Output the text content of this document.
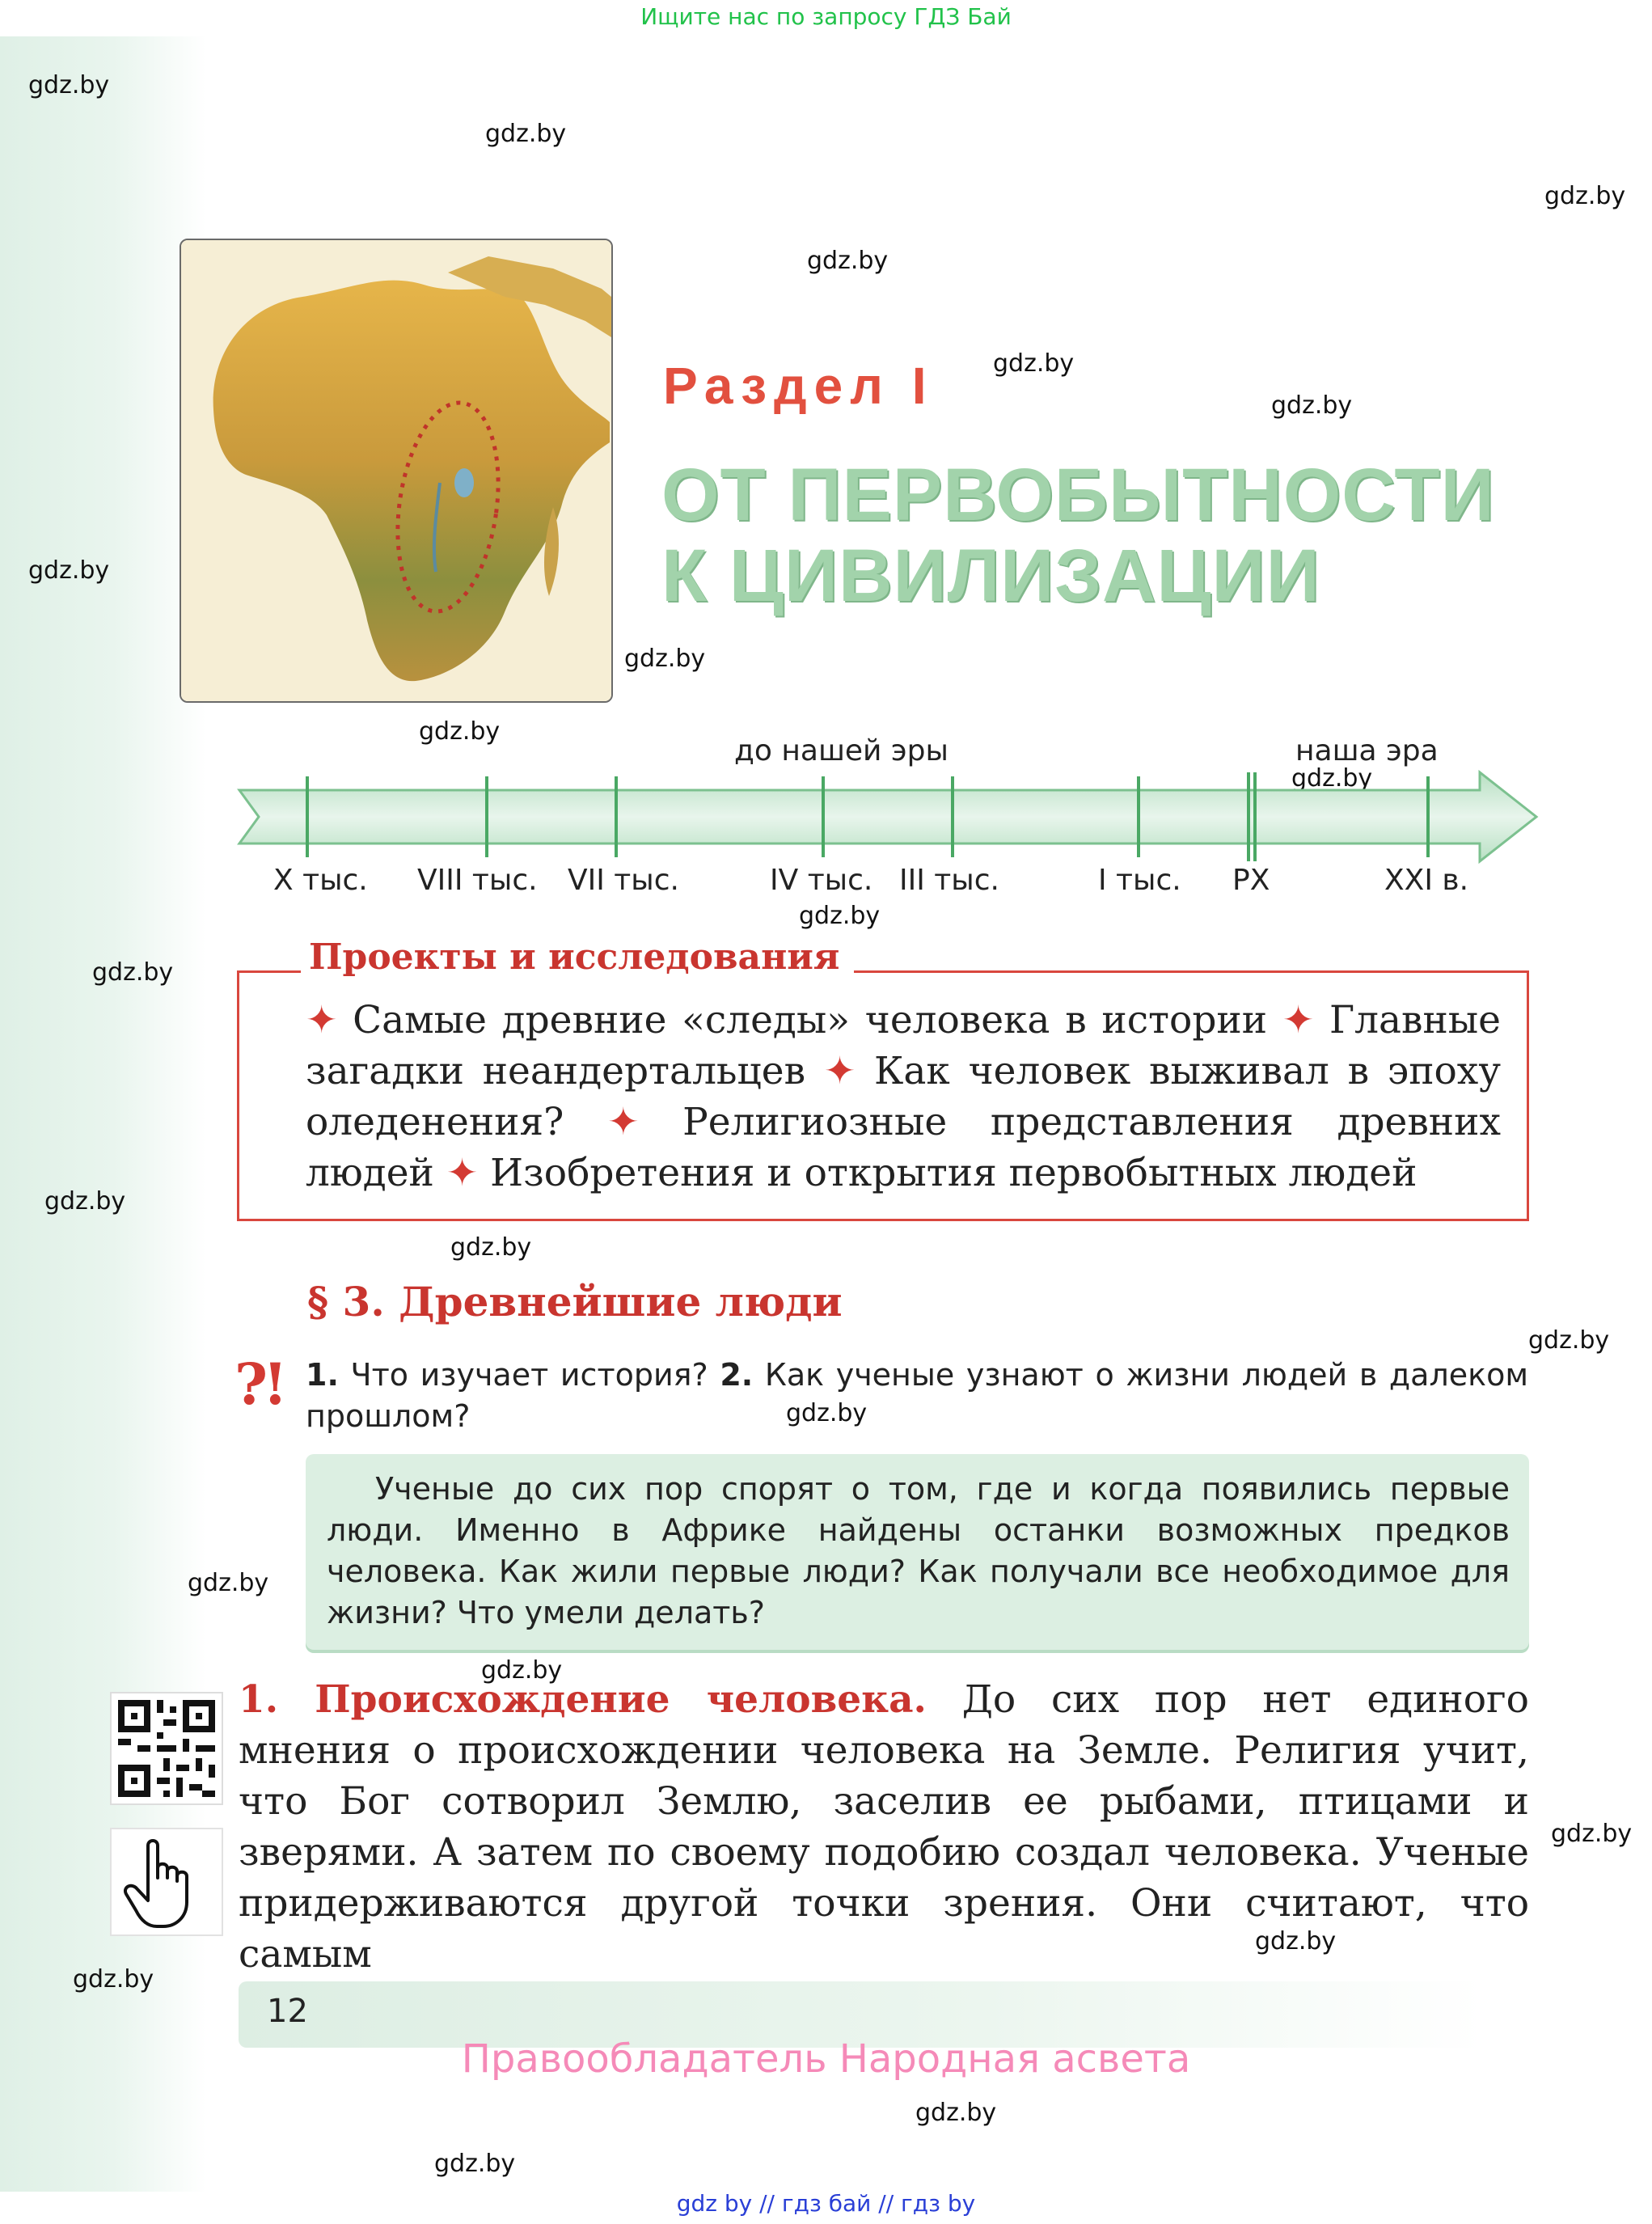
Ищите нас по запросу ГДЗ Бай
gdz.by
gdz.by
gdz.by
gdz.by
gdz.by
gdz.by
gdz.by
gdz.by
gdz.by
gdz.by
gdz.by
gdz.by
gdz.by
gdz.by
gdz.by
gdz.by
gdz.by
gdz.by
gdz.by
gdz.by
gdz.by
gdz.by
gdz.by
Раздел I
ОТ ПЕРВОБЫТНОСТИ
К ЦИВИЛИЗАЦИИ
до нашей эры	наша эра
X тыс. VIII тыс. VII тыс.	IV тыс. III тыс.	I тыс. РХ	XXI в.
Проекты и исследования
✦ Самые древние «следы» человека в истории ✦ Главные загадки неандертальцев ✦ Как человек выживал в эпоху оледенения? ✦ Религиозные представления древних людей ✦ Изобретения и открытия первобытных людей
§ 3. Древнейшие люди
?! 1. Что изучает история? 2. Как ученые узнают о жизни людей в далеком прошлом?
Ученые до сих пор спорят о том, где и когда появились первые люди. Именно в Африке найдены останки возможных предков человека. Как жили первые люди? Как получали все необходимое для жизни? Что умели делать?
1. Происхождение человека. До сих пор нет единого мнения о происхождении человека на Земле. Религия учит, что Бог сотворил Землю, заселив ее рыбами, птицами и зверями. А затем по своему подобию создал человека. Ученые придерживаются другой точки зрения. Они считают, что самым
12
Правообладатель Народная асвета
gdz by // гдз бай // гдз by
